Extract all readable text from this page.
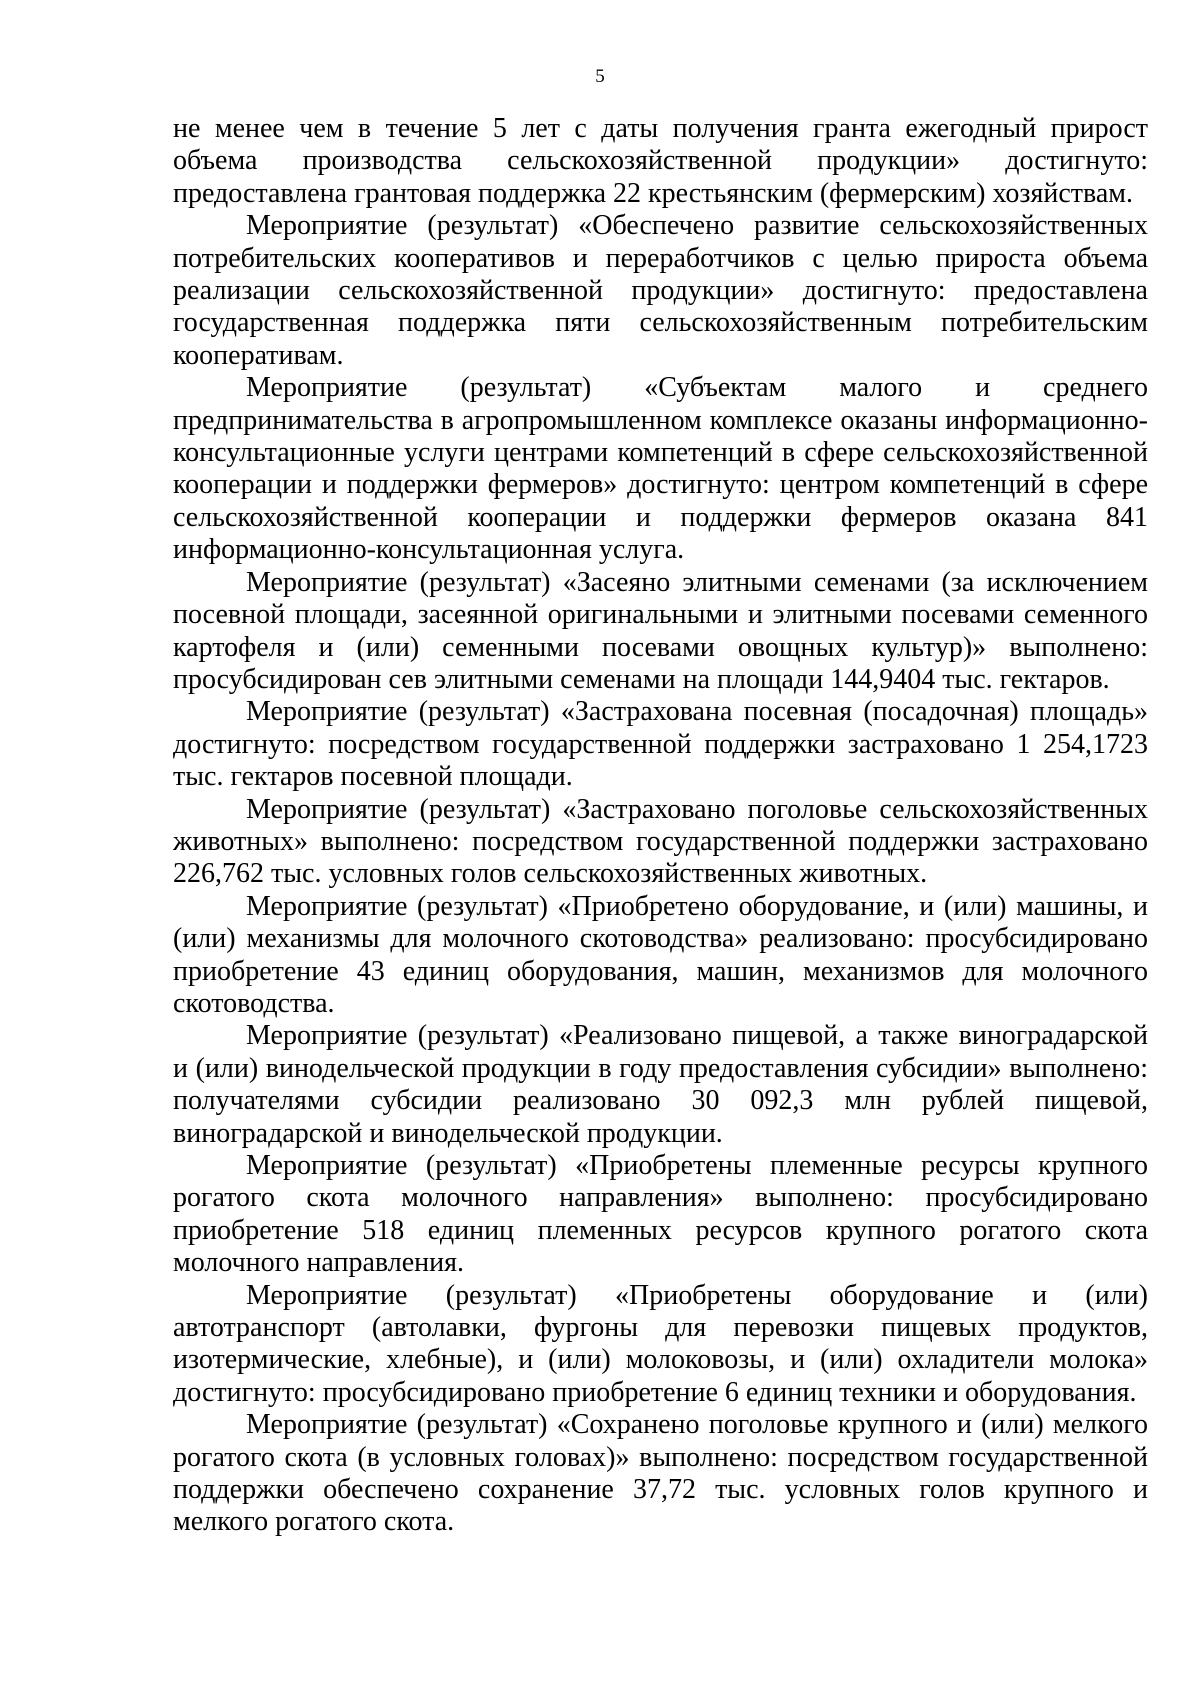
5

не менее чем в течение 5 лет с даты получения гранта ежегодный прирост объема производства сельскохозяйственной продукции» достигнуто: предоставлена грантовая поддержка 22 крестьянским (фермерским) хозяйствам.

Мероприятие (результат) «Обеспечено развитие сельскохозяйственных потребительских кооперативов и переработчиков с целью прироста объема реализации сельскохозяйственной продукции» достигнуто: предоставлена государственная поддержка пяти сельскохозяйственным потребительским кооперативам.

Мероприятие (результат) «Субъектам малого и среднего предпринимательства в агропромышленном комплексе оказаны информационно-консультационные услуги центрами компетенций в сфере сельскохозяйственной кооперации и поддержки фермеров» достигнуто: центром компетенций в сфере сельскохозяйственной кооперации и поддержки фермеров оказана 841 информационно-консультационная услуга.

Мероприятие (результат) «Засеяно элитными семенами (за исключением посевной площади, засеянной оригинальными и элитными посевами семенного картофеля и (или) семенными посевами овощных культур)» выполнено: просубсидирован сев элитными семенами на площади 144,9404 тыс. гектаров.

Мероприятие (результат) «Застрахована посевная (посадочная) площадь» достигнуто: посредством государственной поддержки застраховано 1 254,1723 тыс. гектаров посевной площади.

Мероприятие (результат) «Застраховано поголовье сельскохозяйственных животных» выполнено: посредством государственной поддержки застраховано 226,762 тыс. условных голов сельскохозяйственных животных.

Мероприятие (результат) «Приобретено оборудование, и (или) машины, и (или) механизмы для молочного скотоводства» реализовано: просубсидировано приобретение 43 единиц оборудования, машин, механизмов для молочного скотоводства.

Мероприятие (результат) «Реализовано пищевой, а также виноградарской и (или) винодельческой продукции в году предоставления субсидии» выполнено: получателями субсидии реализовано 30 092,3 млн рублей пищевой, виноградарской и винодельческой продукции.

Мероприятие (результат) «Приобретены племенные ресурсы крупного рогатого скота молочного направления» выполнено: просубсидировано приобретение 518 единиц племенных ресурсов крупного рогатого скота молочного направления.

Мероприятие (результат) «Приобретены оборудование и (или) автотранспорт (автолавки, фургоны для перевозки пищевых продуктов, изотермические, хлебные), и (или) молоковозы, и (или) охладители молока» достигнуто: просубсидировано приобретение 6 единиц техники и оборудования.

Мероприятие (результат) «Сохранено поголовье крупного и (или) мелкого рогатого скота (в условных головах)» выполнено: посредством государственной поддержки обеспечено сохранение 37,72 тыс. условных голов крупного и мелкого рогатого скота.
